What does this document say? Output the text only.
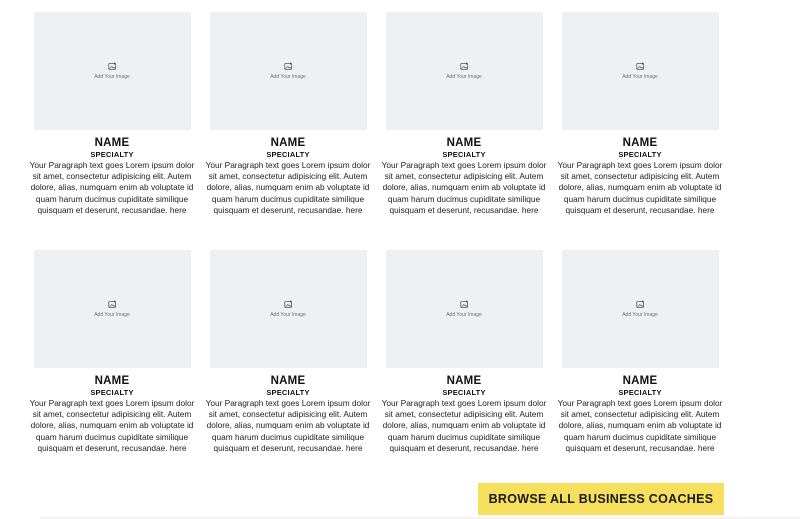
Add Your Image
NAME
SPECIALTY
Your Paragraph text goes Lorem ipsum dolor sit amet, consectetur adipisicing elit. Autem dolore, alias, numquam enim ab voluptate id quam harum ducimus cupiditate similique quisquam et deserunt, recusandae. here
Add Your Image
NAME
SPECIALTY
Your Paragraph text goes Lorem ipsum dolor sit amet, consectetur adipisicing elit. Autem dolore, alias, numquam enim ab voluptate id quam harum ducimus cupiditate similique quisquam et deserunt, recusandae. here
Add Your Image
NAME
SPECIALTY
Your Paragraph text goes Lorem ipsum dolor sit amet, consectetur adipisicing elit. Autem dolore, alias, numquam enim ab voluptate id quam harum ducimus cupiditate similique quisquam et deserunt, recusandae. here
Add Your Image
NAME
SPECIALTY
Your Paragraph text goes Lorem ipsum dolor sit amet, consectetur adipisicing elit. Autem dolore, alias, numquam enim ab voluptate id quam harum ducimus cupiditate similique quisquam et deserunt, recusandae. here
Add Your Image
NAME
SPECIALTY
Your Paragraph text goes Lorem ipsum dolor sit amet, consectetur adipisicing elit. Autem dolore, alias, numquam enim ab voluptate id quam harum ducimus cupiditate similique quisquam et deserunt, recusandae. here
Add Your Image
NAME
SPECIALTY
Your Paragraph text goes Lorem ipsum dolor sit amet, consectetur adipisicing elit. Autem dolore, alias, numquam enim ab voluptate id quam harum ducimus cupiditate similique quisquam et deserunt, recusandae. here
Add Your Image
NAME
SPECIALTY
Your Paragraph text goes Lorem ipsum dolor sit amet, consectetur adipisicing elit. Autem dolore, alias, numquam enim ab voluptate id quam harum ducimus cupiditate similique quisquam et deserunt, recusandae. here
Add Your Image
NAME
SPECIALTY
Your Paragraph text goes Lorem ipsum dolor sit amet, consectetur adipisicing elit. Autem dolore, alias, numquam enim ab voluptate id quam harum ducimus cupiditate similique quisquam et deserunt, recusandae. here
BROWSE ALL BUSINESS COACHES
